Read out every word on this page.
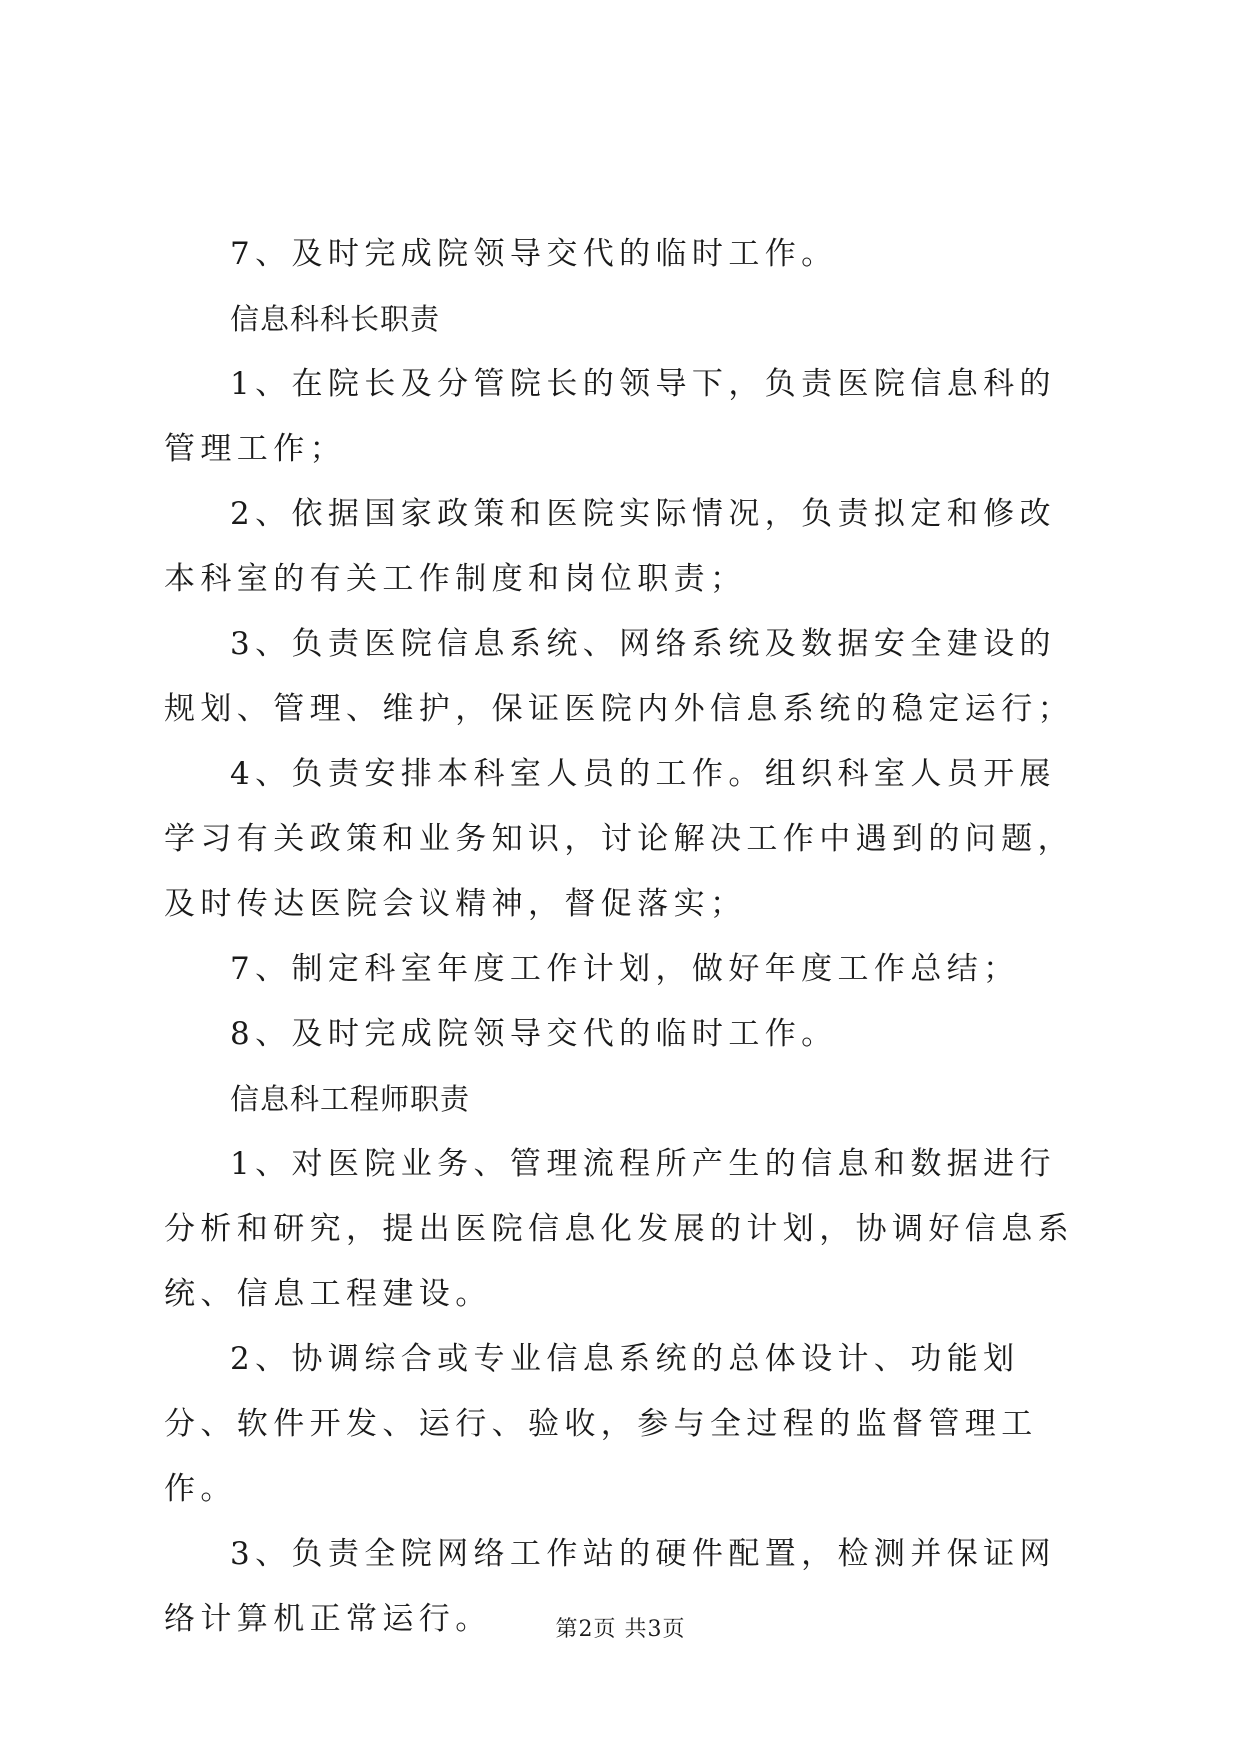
7、及时完成院领导交代的临时工作。

信息科科长职责

1、在院长及分管院长的领导下，负责医院信息科的管理工作；

2、依据国家政策和医院实际情况，负责拟定和修改本科室的有关工作制度和岗位职责；

3、负责医院信息系统、网络系统及数据安全建设的规划、管理、维护，保证医院内外信息系统的稳定运行；

4、负责安排本科室人员的工作。组织科室人员开展学习有关政策和业务知识，讨论解决工作中遇到的问题，及时传达医院会议精神，督促落实；

7、制定科室年度工作计划，做好年度工作总结；

8、及时完成院领导交代的临时工作。

信息科工程师职责

1、对医院业务、管理流程所产生的信息和数据进行分析和研究，提出医院信息化发展的计划，协调好信息系统、信息工程建设。

2、协调综合或专业信息系统的总体设计、功能划分、软件开发、运行、验收，参与全过程的监督管理工作。

3、负责全院网络工作站的硬件配置，检测并保证网络计算机正常运行。	第2页 共3页
